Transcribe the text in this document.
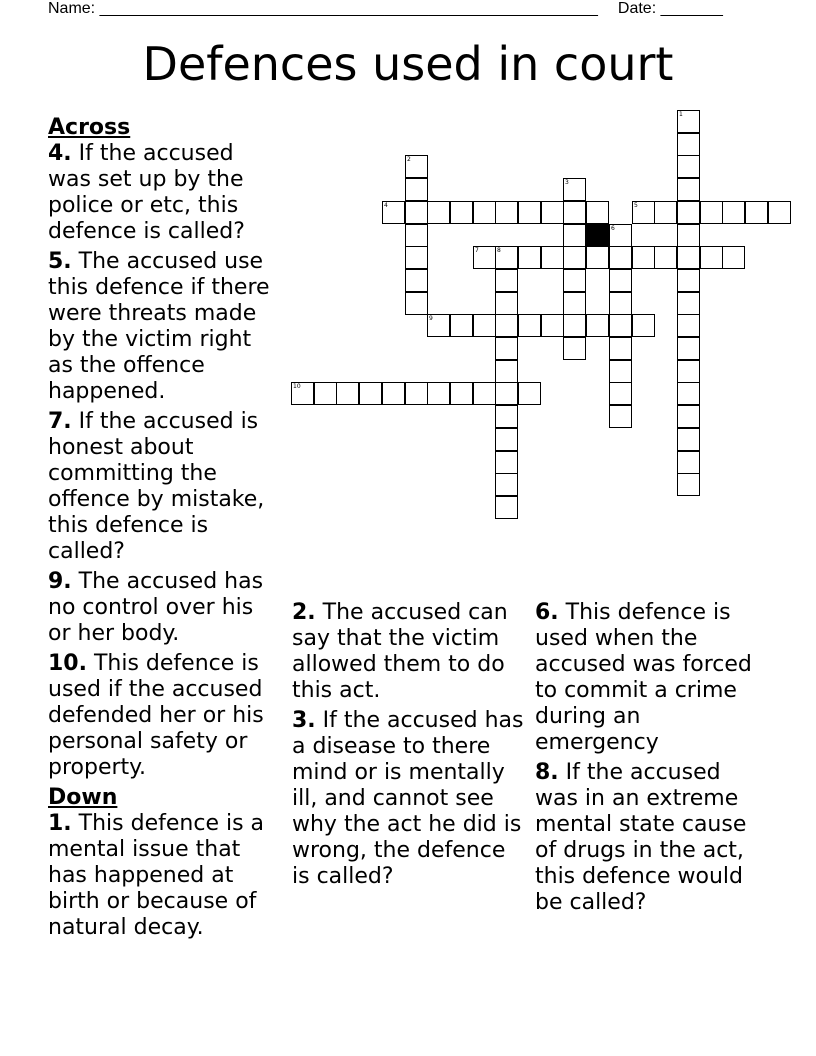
Name: ________________________________________________________ Date: _______
Defences used in court
1
2
3
4	5
6
7	8
9
10
Across

4. If the accused was set up by the police or etc, this defence is called?

5. The accused use this defence if there were threats made by the victim right as the offence happened.

7. If the accused is honest about committing the offence by mistake, this defence is called?

9. The accused has no control over his or her body.

10. This defence is used if the accused defended her or his personal safety or property.

Down

1. This defence is a mental issue that has happened at birth or because of natural decay.

2. The accused can say that the victim allowed them to do this act.

3. If the accused has a disease to there mind or is mentally ill, and cannot see why the act he did is wrong, the defence is called?

6. This defence is used when the accused was forced to commit a crime during an emergency

8. If the accused was in an extreme mental state cause of drugs in the act, this defence would be called?
